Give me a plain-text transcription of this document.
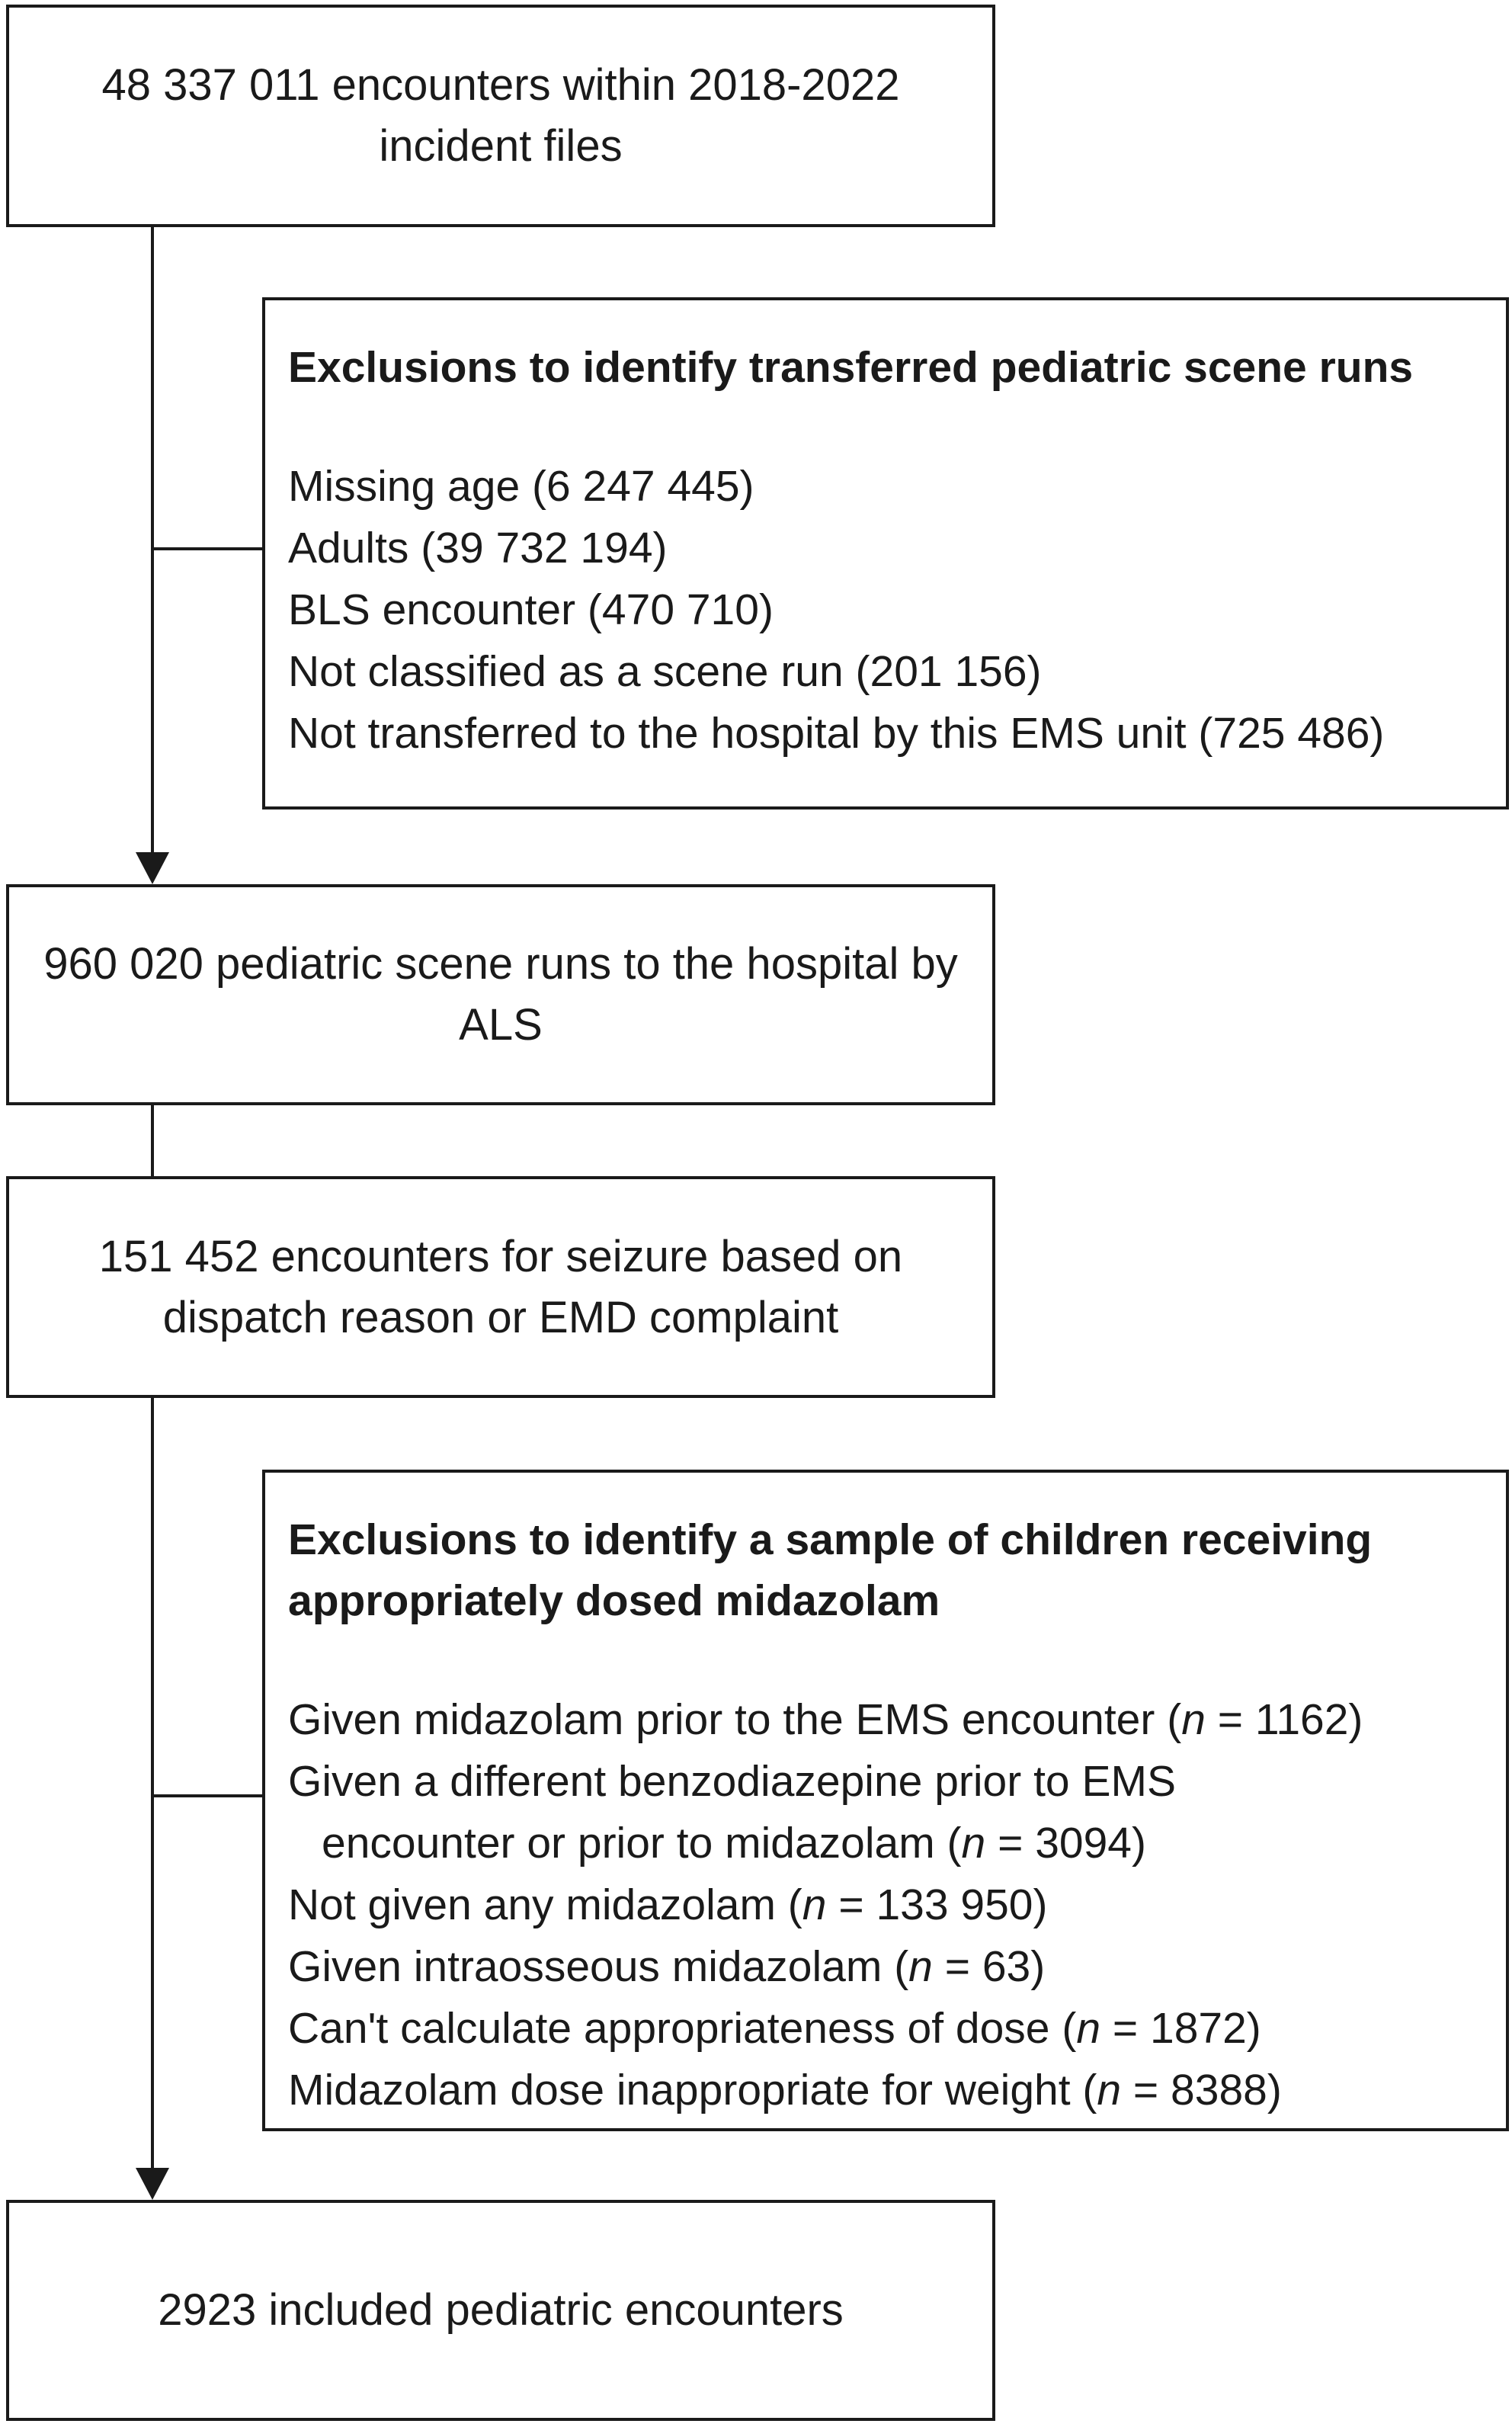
48 337 011 encounters within 2018-2022
incident files
Exclusions to identify transferred pediatric scene runs
Missing age (6 247 445)
Adults (39 732 194)
BLS encounter (470 710)
Not classified as a scene run (201 156)
Not transferred to the hospital by this EMS unit (725 486)
960 020 pediatric scene runs to the hospital by
ALS
151 452 encounters for seizure based on
dispatch reason or EMD complaint
Exclusions to identify a sample of children receiving
appropriately dosed midazolam
Given midazolam prior to the EMS encounter (n = 1162)
Given a different benzodiazepine prior to EMS
encounter or prior to midazolam (n = 3094)
Not given any midazolam (n = 133 950)
Given intraosseous midazolam (n = 63)
Can't calculate appropriateness of dose (n = 1872)
Midazolam dose inappropriate for weight (n = 8388)
2923 included pediatric encounters
